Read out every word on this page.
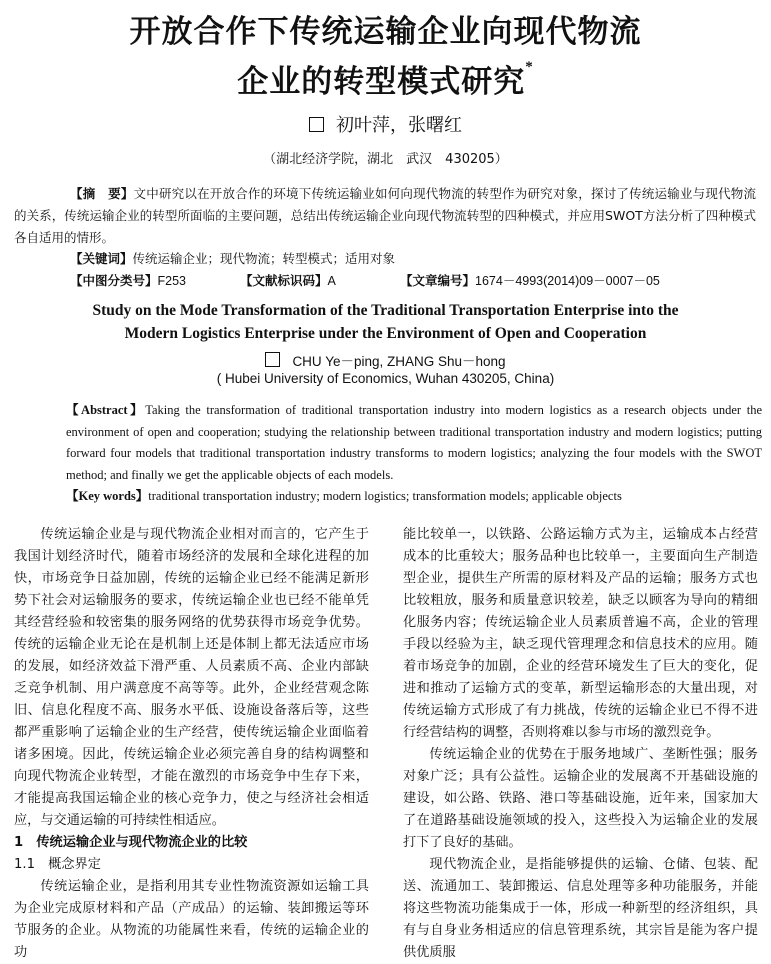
开放合作下传统运输企业向现代物流
企业的转型模式研究*
初叶萍，张曙红
（湖北经济学院，湖北　武汉　430205）
【摘　要】文中研究以在开放合作的环境下传统运输业如何向现代物流的转型作为研究对象，探讨了传统运输业与现代物流的关系，传统运输企业的转型所面临的主要问题，总结出传统运输企业向现代物流转型的四种模式，并应用SWOT方法分析了四种模式各自适用的情形。
【关键词】传统运输企业；现代物流；转型模式；适用对象
【中图分类号】F253	【文献标识码】A	【文章编号】1674－4993(2014)09－0007－05
Study on the Mode Transformation of the Traditional Transportation Enterprise into the
Modern Logistics Enterprise under the Environment of Open and Cooperation
CHU Ye－ping, ZHANG Shu－hong
( Hubei University of Economics, Wuhan 430205, China)
【Abstract】Taking the transformation of traditional transportation industry into modern logistics as a research objects under the environment of open and cooperation; studying the relationship between traditional transportation industry and modern logistics; putting forward four models that traditional transportation industry transforms to modern logistics; analyzing the four models with the SWOT method; and finally we get the applicable objects of each models.
【Key words】traditional transportation industry; modern logistics; transformation models; applicable objects

传统运输企业是与现代物流企业相对而言的，它产生于我国计划经济时代，随着市场经济的发展和全球化进程的加快，市场竞争日益加剧，传统的运输企业已经不能满足新形势下社会对运输服务的要求，传统运输企业也已经不能单凭其经营经验和较密集的服务网络的优势获得市场竞争优势。传统的运输企业无论在是机制上还是体制上都无法适应市场的发展，如经济效益下滑严重、人员素质不高、企业内部缺乏竞争机制、用户满意度不高等等。此外，企业经营观念陈旧、信息化程度不高、服务水平低、设施设备落后等，这些都严重影响了运输企业的生产经营，使传统运输企业面临着诸多困境。因此，传统运输企业必须完善自身的结构调整和向现代物流企业转型，才能在激烈的市场竞争中生存下来，才能提高我国运输企业的核心竞争力，使之与经济社会相适应，与交通运输的可持续性相适应。

1　传统运输企业与现代物流企业的比较

1.1　概念界定

传统运输企业，是指利用其专业性物流资源如运输工具为企业完成原材料和产品（产成品）的运输、装卸搬运等环节服务的企业。从物流的功能属性来看，传统的运输企业的功

能比较单一，以铁路、公路运输方式为主，运输成本占经营成本的比重较大；服务品种也比较单一，主要面向生产制造型企业，提供生产所需的原材料及产品的运输；服务方式也比较粗放，服务和质量意识较差，缺乏以顾客为导向的精细化服务内容；传统运输企业人员素质普遍不高，企业的管理手段以经验为主，缺乏现代管理理念和信息技术的应用。随着市场竞争的加剧，企业的经营环境发生了巨大的变化，促进和推动了运输方式的变革，新型运输形态的大量出现，对传统运输方式形成了有力挑战，传统的运输企业已不得不进行经营结构的调整，否则将难以参与市场的激烈竞争。

传统运输企业的优势在于服务地域广、垄断性强；服务对象广泛；具有公益性。运输企业的发展离不开基础设施的建设，如公路、铁路、港口等基础设施，近年来，国家加大了在道路基础设施领域的投入，这些投入为运输企业的发展打下了良好的基础。

现代物流企业，是指能够提供的运输、仓储、包装、配送、流通加工、装卸搬运、信息处理等多种功能服务，并能将这些物流功能集成于一体，形成一种新型的经济组织，具有与自身业务相适应的信息管理系统，其宗旨是能为客户提供优质服
